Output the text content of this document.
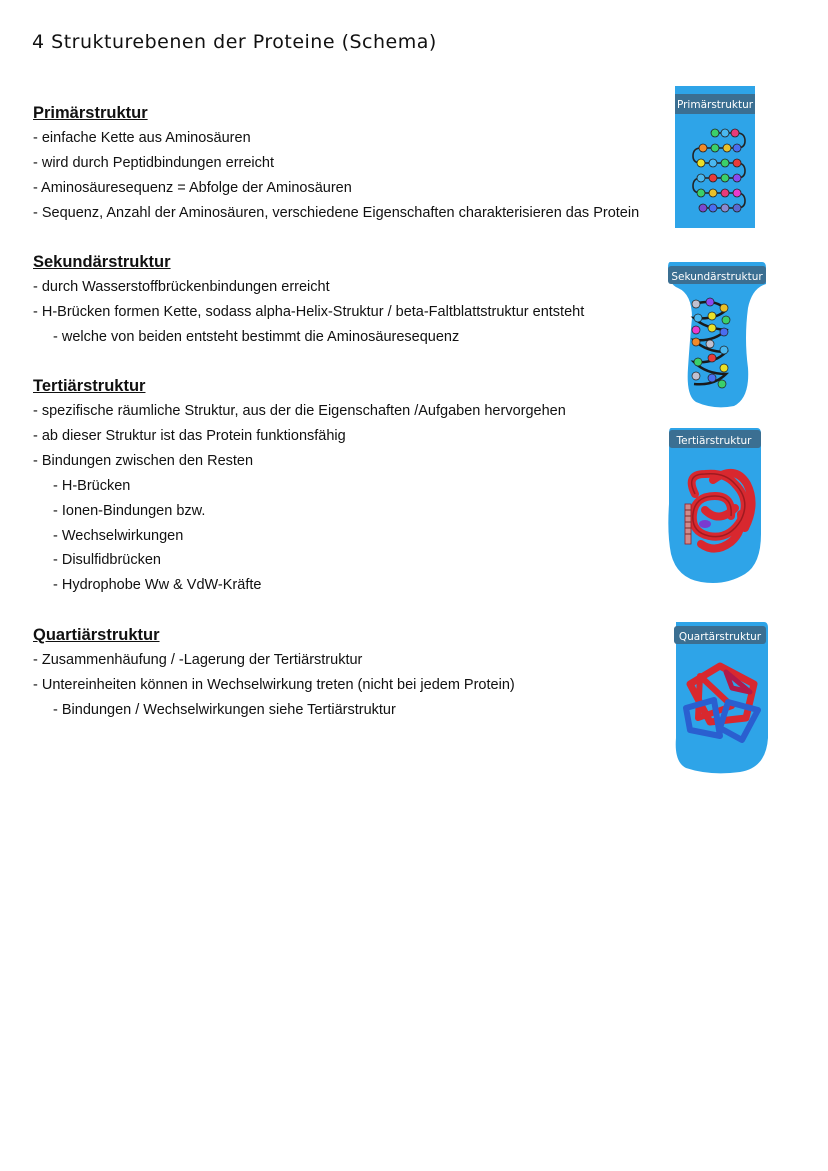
4 Strukturebenen der Proteine (Schema)
Primärstruktur
- einfache Kette aus Aminosäuren
- wird durch Peptidbindungen erreicht
- Aminosäuresequenz = Abfolge der Aminosäuren
- Sequenz, Anzahl der Aminosäuren, verschiedene Eigenschaften charakterisieren das Protein
Sekundärstruktur
- durch Wasserstoffbrückenbindungen erreicht
- H-Brücken formen Kette, sodass alpha-Helix-Struktur / beta-Faltblattstruktur entsteht
- welche von beiden entsteht bestimmt die Aminosäuresequenz
Tertiärstruktur
- spezifische räumliche Struktur, aus der die Eigenschaften /Aufgaben hervorgehen
- ab dieser Struktur ist das Protein funktionsfähig
- Bindungen zwischen den Resten
- H-Brücken
- Ionen-Bindungen bzw.
- Wechselwirkungen
- Disulfidbrücken
- Hydrophobe Ww & VdW-Kräfte
Quartiärstruktur
- Zusammenhäufung / -Lagerung der Tertiärstruktur
- Untereinheiten können in Wechselwirkung treten (nicht bei jedem Protein)
- Bindungen / Wechselwirkungen siehe Tertiärstruktur
Primärstruktur
Sekundärstruktur
Tertiärstruktur
Quartärstruktur
